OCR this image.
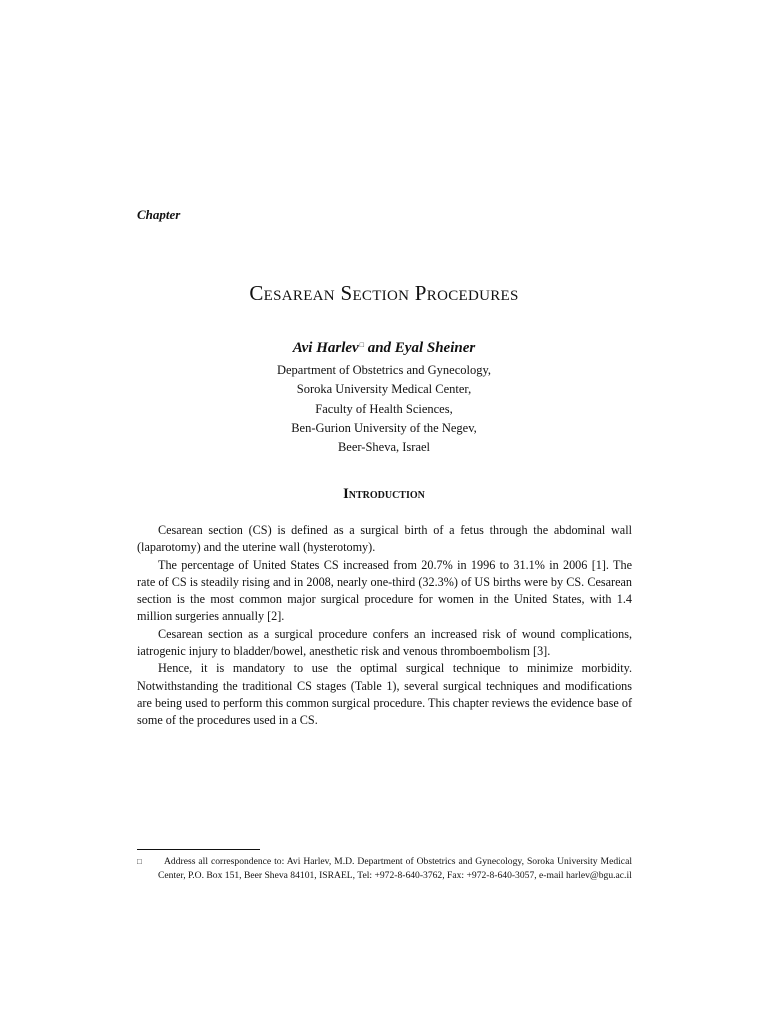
Chapter
Cesarean Section Procedures
Avi Harlev□ and Eyal Sheiner
Department of Obstetrics and Gynecology,
Soroka University Medical Center,
Faculty of Health Sciences,
Ben-Gurion University of the Negev,
Beer-Sheva, Israel
Introduction

Cesarean section (CS) is defined as a surgical birth of a fetus through the abdominal wall (laparotomy) and the uterine wall (hysterotomy).

The percentage of United States CS increased from 20.7% in 1996 to 31.1% in 2006 [1]. The rate of CS is steadily rising and in 2008, nearly one-third (32.3%) of US births were by CS. Cesarean section is the most common major surgical procedure for women in the United States, with 1.4 million surgeries annually [2].

Cesarean section as a surgical procedure confers an increased risk of wound complications, iatrogenic injury to bladder/bowel, anesthetic risk and venous thromboembolism [3].

Hence, it is mandatory to use the optimal surgical technique to minimize morbidity. Notwithstanding the traditional CS stages (Table 1), several surgical techniques and modifications are being used to perform this common surgical procedure. This chapter reviews the evidence base of some of the procedures used in a CS.

□	Address all correspondence to: Avi Harlev, M.D. Department of Obstetrics and Gynecology, Soroka University Medical Center, P.O. Box 151, Beer Sheva 84101, ISRAEL, Tel: +972-8-640-3762, Fax: +972-8-640-3057, e-mail harlev@bgu.ac.il
